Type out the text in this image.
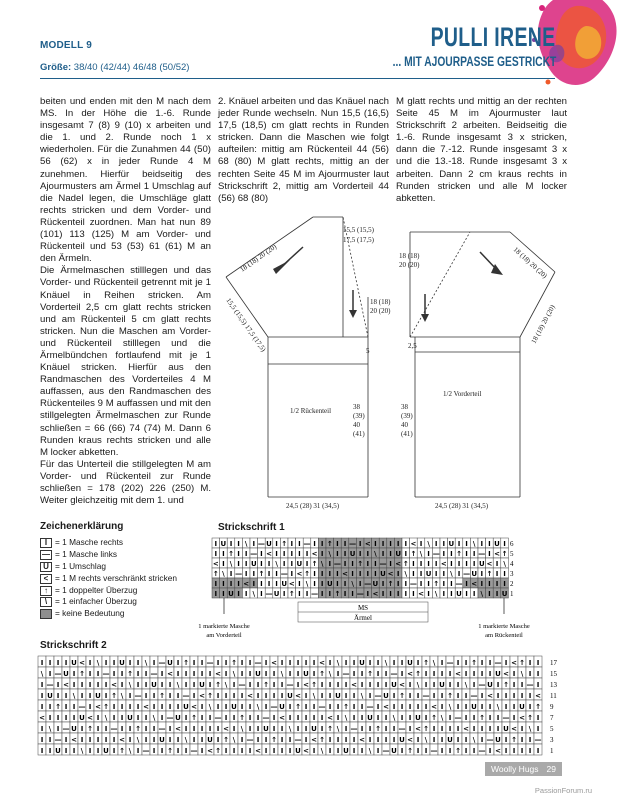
MODELL 9
Größe: 38/40 (42/44) 46/48 (50/52)
PULLI IRENE
... MIT AJOURPASSE GESTRICKT

beiten und enden mit den M nach dem MS. In der Höhe die 1.-6. Runde insgesamt 7 (8) 9 (10) x arbeiten und die 1. und 2. Runde noch 1 x wiederholen. Für die Zunahmen 44 (50) 56 (62) x in jeder Runde 4 M zunehmen. Hierfür beidseitig des Ajourmusters am Ärmel 1 Umschlag auf die Nadel legen, die Umschläge glatt rechts stricken und dem Vorder- und Rückenteil zuordnen. Man hat nun 89 (101) 113 (125) M am Vorder- und Rückenteil und 53 (53) 61 (61) M an den Ärmeln.

Die Ärmelmaschen stilllegen und das Vorder- und Rückenteil getrennt mit je 1 Knäuel in Reihen stricken. Am Vorderteil 2,5 cm glatt rechts stricken und am Rückenteil 5 cm glatt rechts stricken. Nun die Maschen am Vorder- und Rückenteil stilllegen und die Ärmelbündchen fortlaufend mit je 1 Knäuel stricken. Hierfür aus den Randmaschen des Vorderteiles 4 M auffassen, aus den Randmaschen des Rückenteiles 9 M auffassen und mit den stillgelegten Ärmelmaschen zur Runde schließen = 66 (66) 74 (74) M. Dann 6 Runden kraus rechts stricken und alle M locker abketten.

Für das Unterteil die stillgelegten M am Vorder- und Rückenteil zur Runde schließen = 178 (202) 226 (250) M. Weiter gleichzeitig mit dem 1. und

2. Knäuel arbeiten und das Knäuel nach jeder Runde wechseln. Nun 15,5 (16,5) 17,5 (18,5) cm glatt rechts in Runden stricken. Dann die Maschen wie folgt aufteilen: mittig am Rückenteil 44 (56) 68 (80) M glatt rechts, mittig an der rechten Seite 45 M im Ajourmuster laut Strickschrift 2, mittig am Vorderteil 44 (56) 68 (80)

M glatt rechts und mittig an der rechten Seite 45 M im Ajourmuster laut Strickschrift 2 arbeiten. Beidseitig die 1.-6. Runde insgesamt 3 x stricken, dann die 7.-12. Runde insgesamt 3 x und die 13.-18. Runde insgesamt 3 x arbeiten. Dann 2 cm kraus rechts in Runden stricken und alle M locker abketten.

15,5 (15,5)
17,5 (17,5)
18 (18) 20 (20)
15,5 (15,5) 17,5 (17,5)	18 (18)
20 (20)
5
1/2 Rückenteil	38
(39)
40
(41)
24,5 (28) 31 (34,5)
18 (18)
20 (20)	18 (18) 20 (20)
18 (18) 20 (20)
2,5
1/2 Vorderteil
38
(39)
40
(41)
24,5 (28) 31 (34,5)
Zeichenerklärung
I = 1 Masche rechts
— = 1 Masche links
U = 1 Umschlag
< = 1 M rechts verschränkt stricken
↑ = 1 doppelter Überzug
\ = 1 einfacher Überzug
= keine Bedeutung
Strickschrift 1
I U I I \ I — U I ↑ I I — I I ↑ I I — I < I I I I I < I \ I I U I I \ I I U I
I I ↑ I I — I < I I I I I < I \ I I U I I \ I I U I ↑ \ I — I I ↑ I I — I < ↑
< I \ I I U I I \ I I U I ↑ \ I — I I ↑ I I — I < ↑ I I I I < I I I I U < I \
↑ \ I — I I ↑ I I — I < ↑ I I I I < I I I I U < I \ I I U I I \ I — U I ↑ I I
I I I I < I I I I U < I \ I I U I I \ I — U I ↑ I I — I I ↑ I I — I < I I I I
I I U I I \ I — U I ↑ I I — I I ↑ I I — I < I I I I I < I \ I I U I I \ I I U
6
5
4
3
2
1
MS
Ärmel
1 markierte Masche
am Vorderteil
1 markierte Masche
am Rückenteil
Strickschrift 2
I I I I U < I \ I I U I I \ I — U I ↑ I I — I I ↑ I I — I < I I I I I < I \ I I U I I \ I I U I ↑ \ I — I I ↑ I I — I < ↑ I I
\ I — U I ↑ I I — I I ↑ I I — I < I I I I I < I \ I I U I I \ I I U I ↑ \ I — I I ↑ I I — I < ↑ I I I I < I I I I U < I \ I I
I — I < I I I I I < I \ I I U I I \ I I U I ↑ \ I — I I ↑ I I — I < ↑ I I I I < I I I I U < I \ I I U I I \ I — U I ↑ I I — I
I U I I \ I I U I ↑ \ I — I I ↑ I I — I < ↑ I I I I < I I I I U < I \ I I U I I \ I — U I ↑ I I — I I ↑ I I — I < I I I I I <
I I ↑ I I — I < ↑ I I I I < I I I I U < I \ I I U I I \ I — U I ↑ I I — I I ↑ I I — I < I I I I I < I \ I I U I I \ I I U I ↑
< I I I I U < I \ I I U I I \ I — U I ↑ I I — I I ↑ I I — I < I I I I I < I \ I I U I I \ I I U I ↑ \ I — I I ↑ I I — I < ↑ I
I \ I — U I ↑ I I — I I ↑ I I — I < I I I I I < I \ I I U I I \ I I U I ↑ \ I — I I ↑ I I — I < ↑ I I I I < I I I I U < I \ I
I I — I < I I I I I < I \ I I U I I \ I I U I ↑ \ I — I I ↑ I I — I < ↑ I I I I < I I I I U < I \ I I U I I \ I — U I ↑ I I —
I I U I I \ I I U I ↑ \ I — I I ↑ I I — I < ↑ I I I I < I I I I U < I \ I I U I I \ I — U I ↑ I I — I I ↑ I I — I < I I I I I
17
15
13
11
9
7
5
3
1
Woolly Hugs 29
PassionForum.ru
